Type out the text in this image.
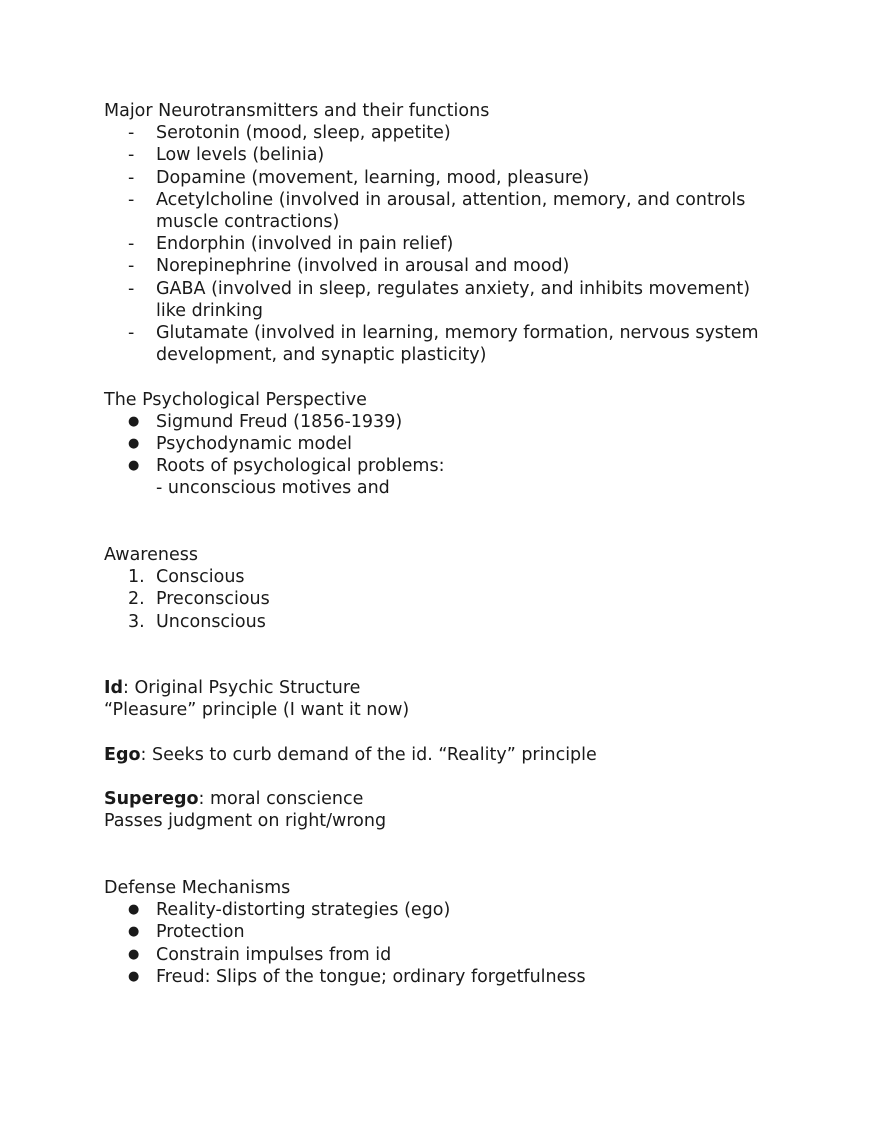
Major Neurotransmitters and their functions
-	Serotonin (mood, sleep, appetite)
-	Low levels (belinia)
-	Dopamine (movement, learning, mood, pleasure)
-	Acetylcholine (involved in arousal, attention, memory, and controls
muscle contractions)
-	Endorphin (involved in pain relief)
-	Norepinephrine (involved in arousal and mood)
-	GABA (involved in sleep, regulates anxiety, and inhibits movement)
like drinking
-	Glutamate (involved in learning, memory formation, nervous system
development, and synaptic plasticity)
The Psychological Perspective
● Sigmund Freud (1856-1939)
● Psychodynamic model
● Roots of psychological problems:
- unconscious motives and
Awareness
1. Conscious
2. Preconscious
3. Unconscious
Id: Original Psychic Structure
“Pleasure” principle (I want it now)
Ego: Seeks to curb demand of the id. “Reality” principle
Superego: moral conscience
Passes judgment on right/wrong
Defense Mechanisms
● Reality-distorting strategies (ego)
● Protection
● Constrain impulses from id
● Freud: Slips of the tongue; ordinary forgetfulness
